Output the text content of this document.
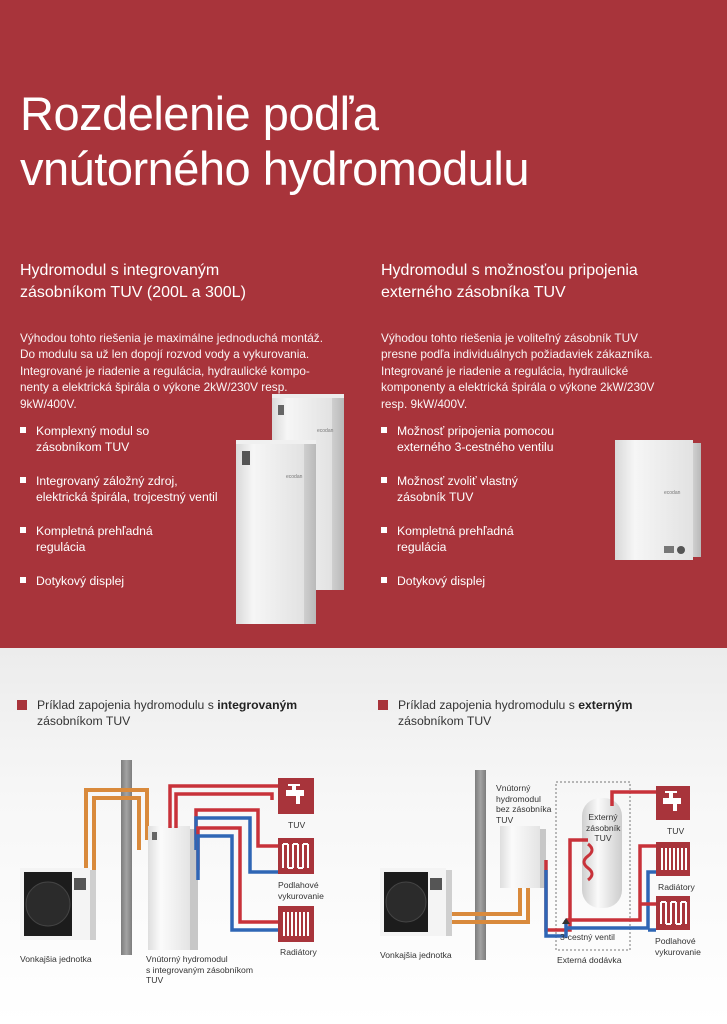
Rozdelenie podľa
vnútorného hydromodulu
Hydromodul s integrovaným
zásobníkom TUV (200L a 300L)

Výhodou tohto riešenia je maximálne jednoduchá montáž.
Do modulu sa už len dopojí rozvod vody a vykurovania.
Integrované je riadenie a regulácia, hydraulické kompo-
nenty a elektrická špirála o výkone 2kW/230V resp.
9kW/400V.

Komplexný modul so
zásobníkom TUV
Integrovaný záložný zdroj,
elektrická špirála, trojcestný ventil
Kompletná prehľadná
regulácia
Dotykový displej
Hydromodul s možnosťou pripojenia
externého zásobníka TUV

Výhodou tohto riešenia je voliteľný zásobník TUV
presne podľa individuálnych požiadaviek zákazníka.
Integrované je riadenie a regulácia, hydraulické
komponenty a elektrická špirála o výkone 2kW/230V
resp. 9kW/400V.

Možnosť pripojenia pomocou
externého 3-cestného ventilu
Možnosť zvoliť vlastný
zásobník TUV
Kompletná prehľadná
regulácia
Dotykový displej
ecodan
ecodan
ecodan
Príklad zapojenia hydromodulu s integrovaným
zásobníkom TUV
Príklad zapojenia hydromodulu s externým
zásobníkom TUV
TUV
Podlahové
vykurovanie
Radiátory
Vonkajšia jednotka	Vnútorný hydromodul
s integrovaným zásobníkom
TUV
Vnútorný
hydromodul
bez zásobníka
TUV	Externý
zásobník
TUV
TUV
Radiátory
Podlahové
vykurovanie
3-cestný ventil
Externá dodávka
Vonkajšia jednotka
